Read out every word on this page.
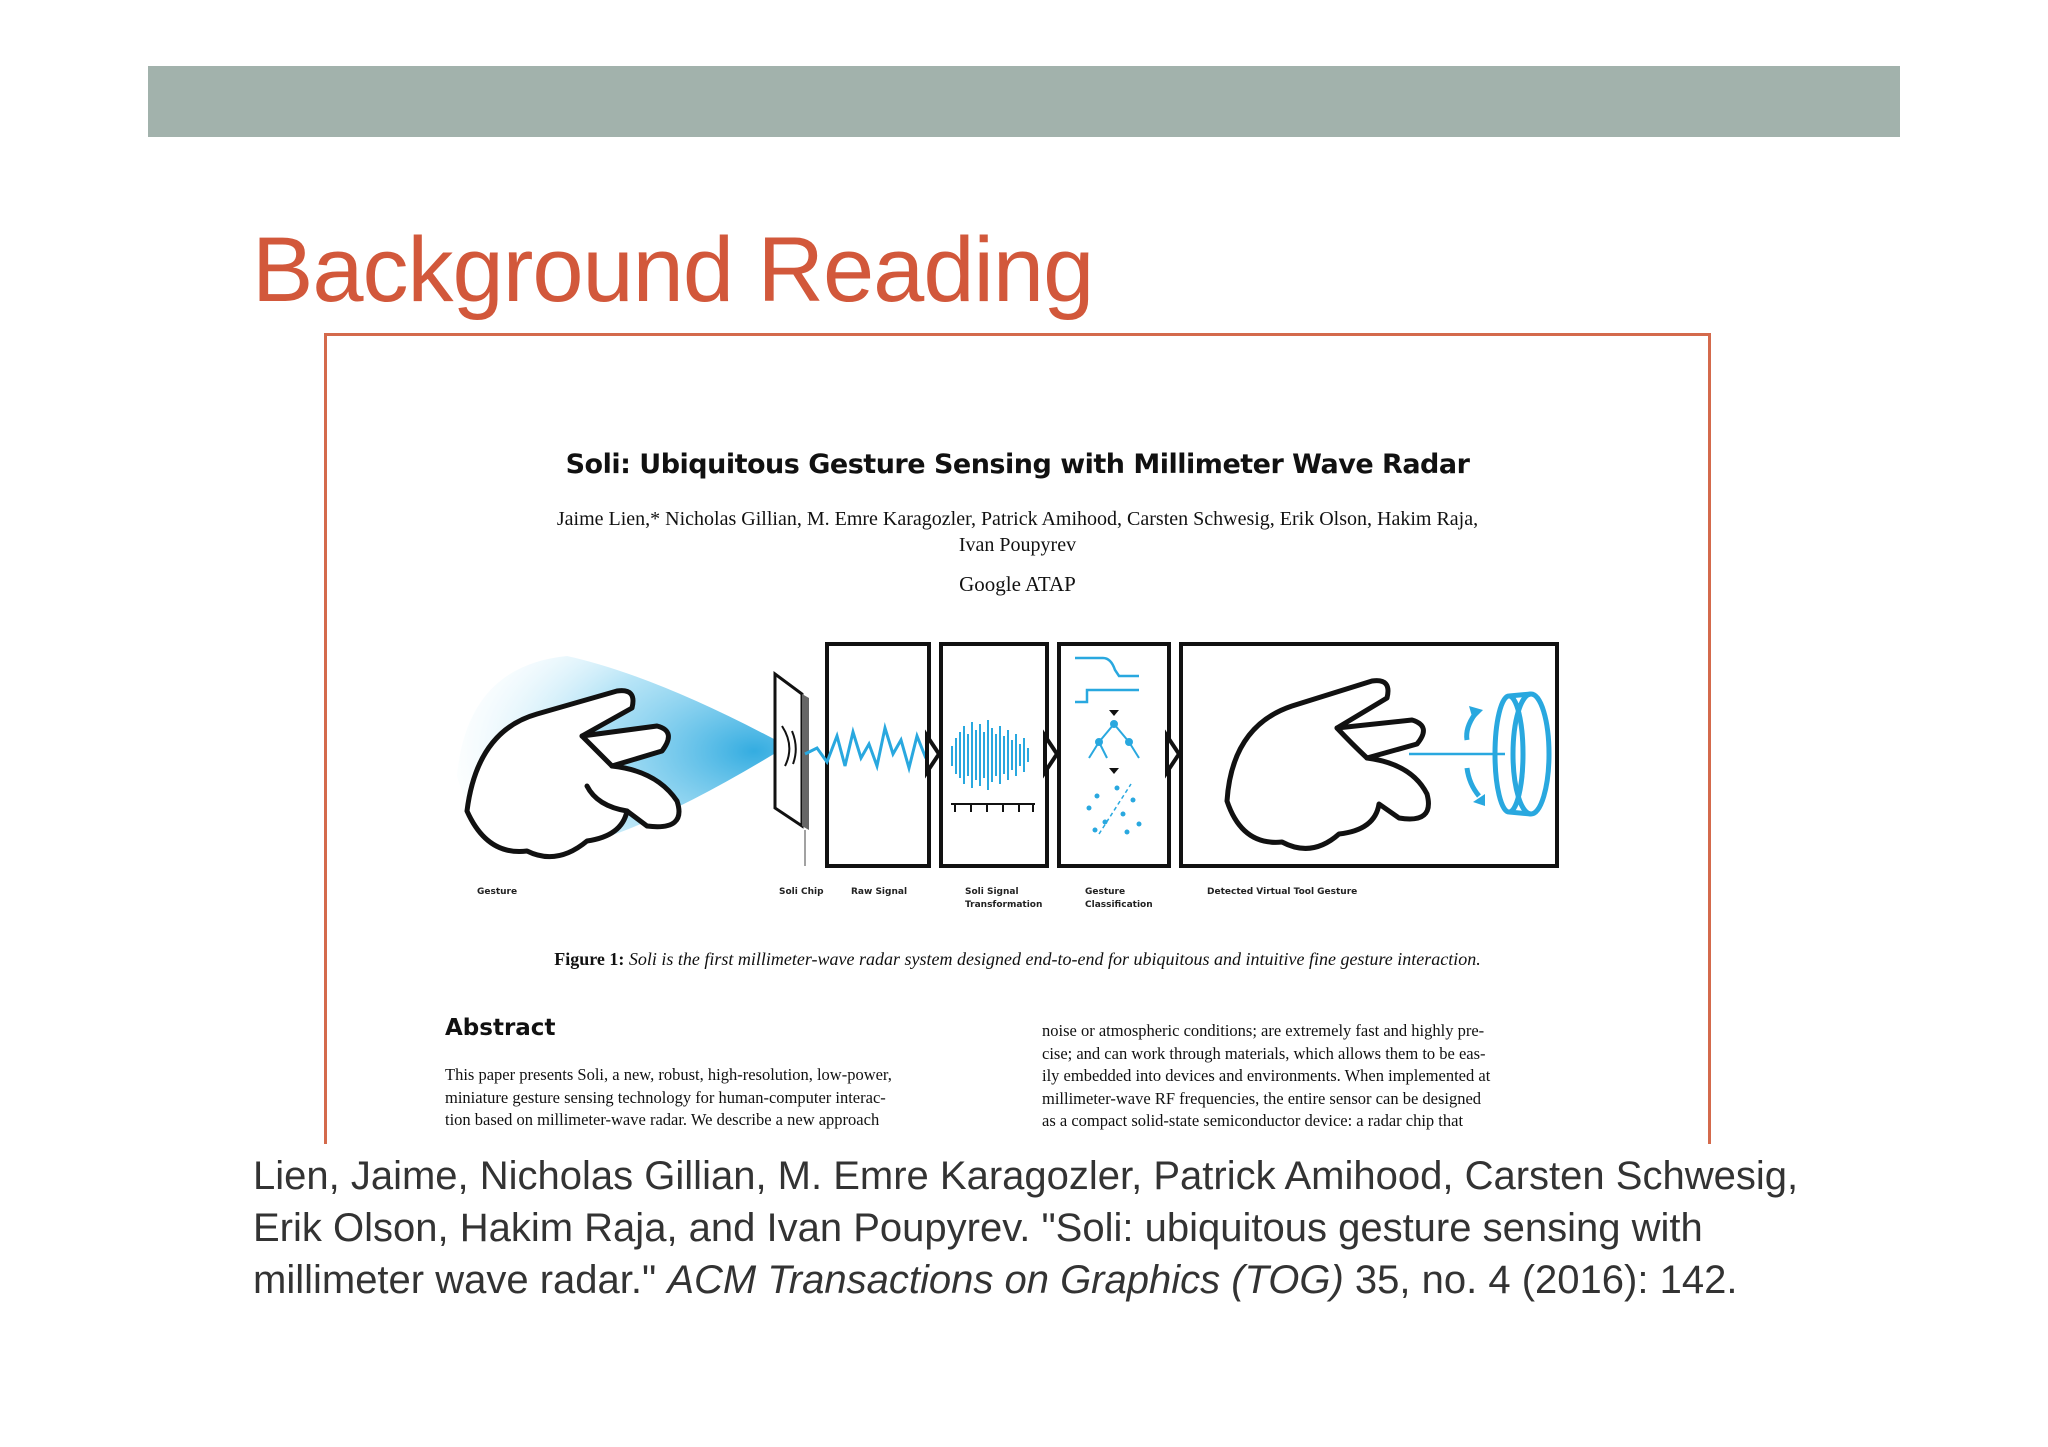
Background Reading
Soli: Ubiquitous Gesture Sensing with Millimeter Wave Radar
Jaime Lien,* Nicholas Gillian, M. Emre Karagozler, Patrick Amihood, Carsten Schwesig, Erik Olson, Hakim Raja,
Ivan Poupyrev
Google ATAP
Gesture	Soli Chip	Raw Signal	Soli Signal
Transformation
Gesture
Classification
Detected Virtual Tool Gesture
Figure 1: Soli is the first millimeter-wave radar system designed end-to-end for ubiquitous and intuitive fine gesture interaction.
Abstract
This paper presents Soli, a new, robust, high-resolution, low-power,
miniature gesture sensing technology for human-computer interac-
tion based on millimeter-wave radar. We describe a new approach
noise or atmospheric conditions; are extremely fast and highly pre-
cise; and can work through materials, which allows them to be eas-
ily embedded into devices and environments. When implemented at
millimeter-wave RF frequencies, the entire sensor can be designed
as a compact solid-state semiconductor device: a radar chip that
Lien, Jaime, Nicholas Gillian, M. Emre Karagozler, Patrick Amihood, Carsten Schwesig, Erik Olson, Hakim Raja, and Ivan Poupyrev. "Soli: ubiquitous gesture sensing with millimeter wave radar." ACM Transactions on Graphics (TOG) 35, no. 4 (2016): 142.
